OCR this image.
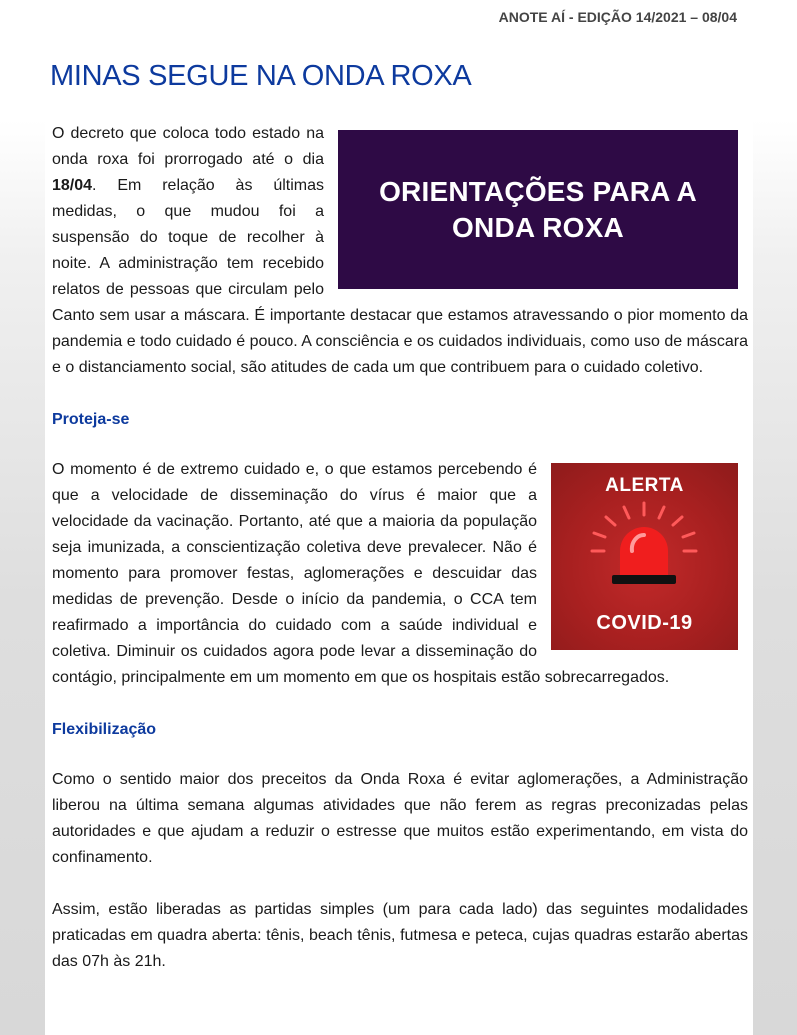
ANOTE AÍ - EDIÇÃO 14/2021 – 08/04
MINAS SEGUE NA ONDA ROXA
ORIENTAÇÕES PARA A ONDA ROXA

O decreto que coloca todo estado na onda roxa foi prorrogado até o dia 18/04. Em relação às últimas medidas, o que mudou foi a suspensão do toque de recolher à noite. A administração tem recebido relatos de pessoas que circulam pelo Canto sem usar a máscara. É importante destacar que estamos atravessando o pior momento da pandemia e todo cuidado é pouco. A consciência e os cuidados individuais, como uso de máscara e o distanciamento social, são atitudes de cada um que contribuem para o cuidado coletivo.

Proteja-se
ALERTA
COVID-19

O momento é de extremo cuidado e, o que estamos percebendo é que a velocidade de disseminação do vírus é maior que a velocidade da vacinação. Portanto, até que a maioria da população seja imunizada, a conscientização coletiva deve prevalecer. Não é momento para promover festas, aglomerações e descuidar das medidas de prevenção. Desde o início da pandemia, o CCA tem reafirmado a importância do cuidado com a saúde individual e coletiva. Diminuir os cuidados agora pode levar a disseminação do contágio, principalmente em um momento em que os hospitais estão sobrecarregados.

Flexibilização

Como o sentido maior dos preceitos da Onda Roxa é evitar aglomerações, a Administração liberou na última semana algumas atividades que não ferem as regras preconizadas pelas autoridades e que ajudam a reduzir o estresse que muitos estão experimentando, em vista do confinamento.

Assim, estão liberadas as partidas simples (um para cada lado) das seguintes modalidades praticadas em quadra aberta: tênis, beach tênis, futmesa e peteca, cujas quadras estarão abertas das 07h às 21h.
